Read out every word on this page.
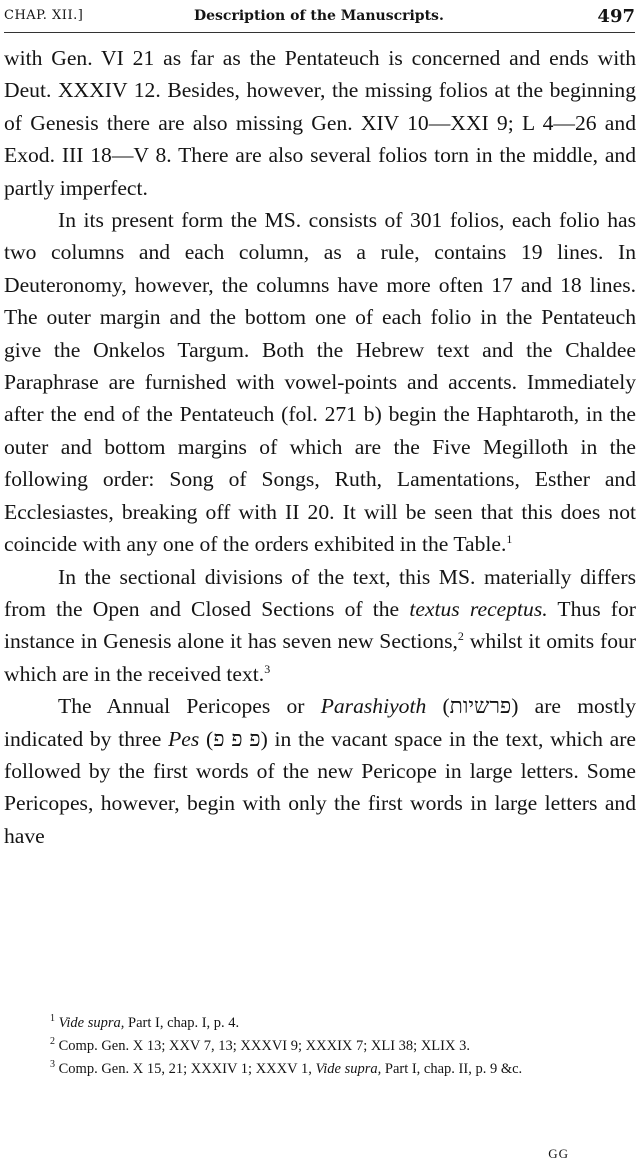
CHAP. XII.]	Description of the Manuscripts.	497

with Gen. VI 21 as far as the Pentateuch is concerned and ends with Deut. XXXIV 12. Besides, however, the missing folios at the beginning of Genesis there are also missing Gen. XIV 10—XXI 9; L 4—26 and Exod. III 18—V 8. There are also several folios torn in the middle, and partly imperfect.

In its present form the MS. consists of 301 folios, each folio has two columns and each column, as a rule, contains 19 lines. In Deuteronomy, however, the columns have more often 17 and 18 lines. The outer margin and the bottom one of each folio in the Pentateuch give the Onkelos Targum. Both the Hebrew text and the Chaldee Paraphrase are furnished with vowel-points and accents. Immediately after the end of the Pentateuch (fol. 271 b) begin the Haphtaroth, in the outer and bottom margins of which are the Five Megilloth in the following order: Song of Songs, Ruth, Lamentations, Esther and Ecclesiastes, breaking off with II 20. It will be seen that this does not coincide with any one of the orders exhibited in the Table.$^1$

In the sectional divisions of the text, this MS. materially differs from the Open and Closed Sections of the textus receptus. Thus for instance in Genesis alone it has seven new Sections,$^2$ whilst it omits four which are in the received text.$^3$

The Annual Pericopes or Parashiyoth (פרשיות) are mostly indicated by three Pes (פ פ פ) in the vacant space in the text, which are followed by the first words of the new Pericope in large letters. Some Pericopes, however, begin with only the first words in large letters and have

$^1$ Vide supra, Part I, chap. I, p. 4.

$^2$ Comp. Gen. X 13; XXV 7, 13; XXXVI 9; XXXIX 7; XLI 38; XLIX 3.

$^3$ Comp. Gen. X 15, 21; XXXIV 1; XXXV 1, Vide supra, Part I, chap. II, p. 9 &c.

GG
